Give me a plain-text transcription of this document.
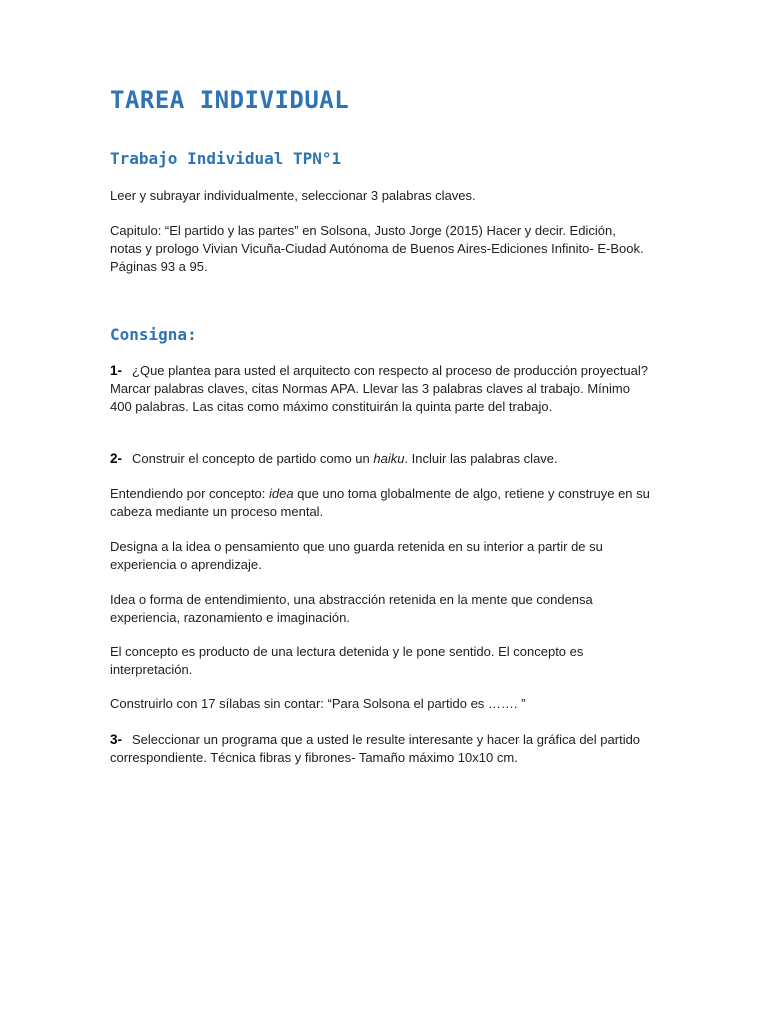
TAREA INDIVIDUAL
Trabajo Individual TPN°1

Leer y subrayar individualmente, seleccionar 3 palabras claves.

Capitulo: “El partido y las partes” en Solsona, Justo Jorge (2015) Hacer y decir. Edición, notas y prologo Vivian Vicuña-Ciudad Autónoma de Buenos Aires-Ediciones Infinito- E-Book. Páginas 93 a 95.

Consigna:

1- ¿Que plantea para usted el arquitecto con respecto al proceso de producción proyectual? Marcar palabras claves, citas Normas APA. Llevar las 3 palabras claves al trabajo. Mínimo 400 palabras. Las citas como máximo constituirán la quinta parte del trabajo.

2- Construir el concepto de partido como un haiku. Incluir las palabras clave.

Entendiendo por concepto: idea que uno toma globalmente de algo, retiene y construye en su cabeza mediante un proceso mental.

Designa a la idea o pensamiento que uno guarda retenida en su interior a partir de su experiencia o aprendizaje.

Idea o forma de entendimiento, una abstracción retenida en la mente que condensa experiencia, razonamiento e imaginación.

El concepto es producto de una lectura detenida y le pone sentido. El concepto es interpretación.

Construirlo con 17 sílabas sin contar: “Para Solsona el partido es ……. ”

3- Seleccionar un programa que a usted le resulte interesante y hacer la gráfica del partido correspondiente. Técnica fibras y fibrones- Tamaño máximo 10x10 cm.
